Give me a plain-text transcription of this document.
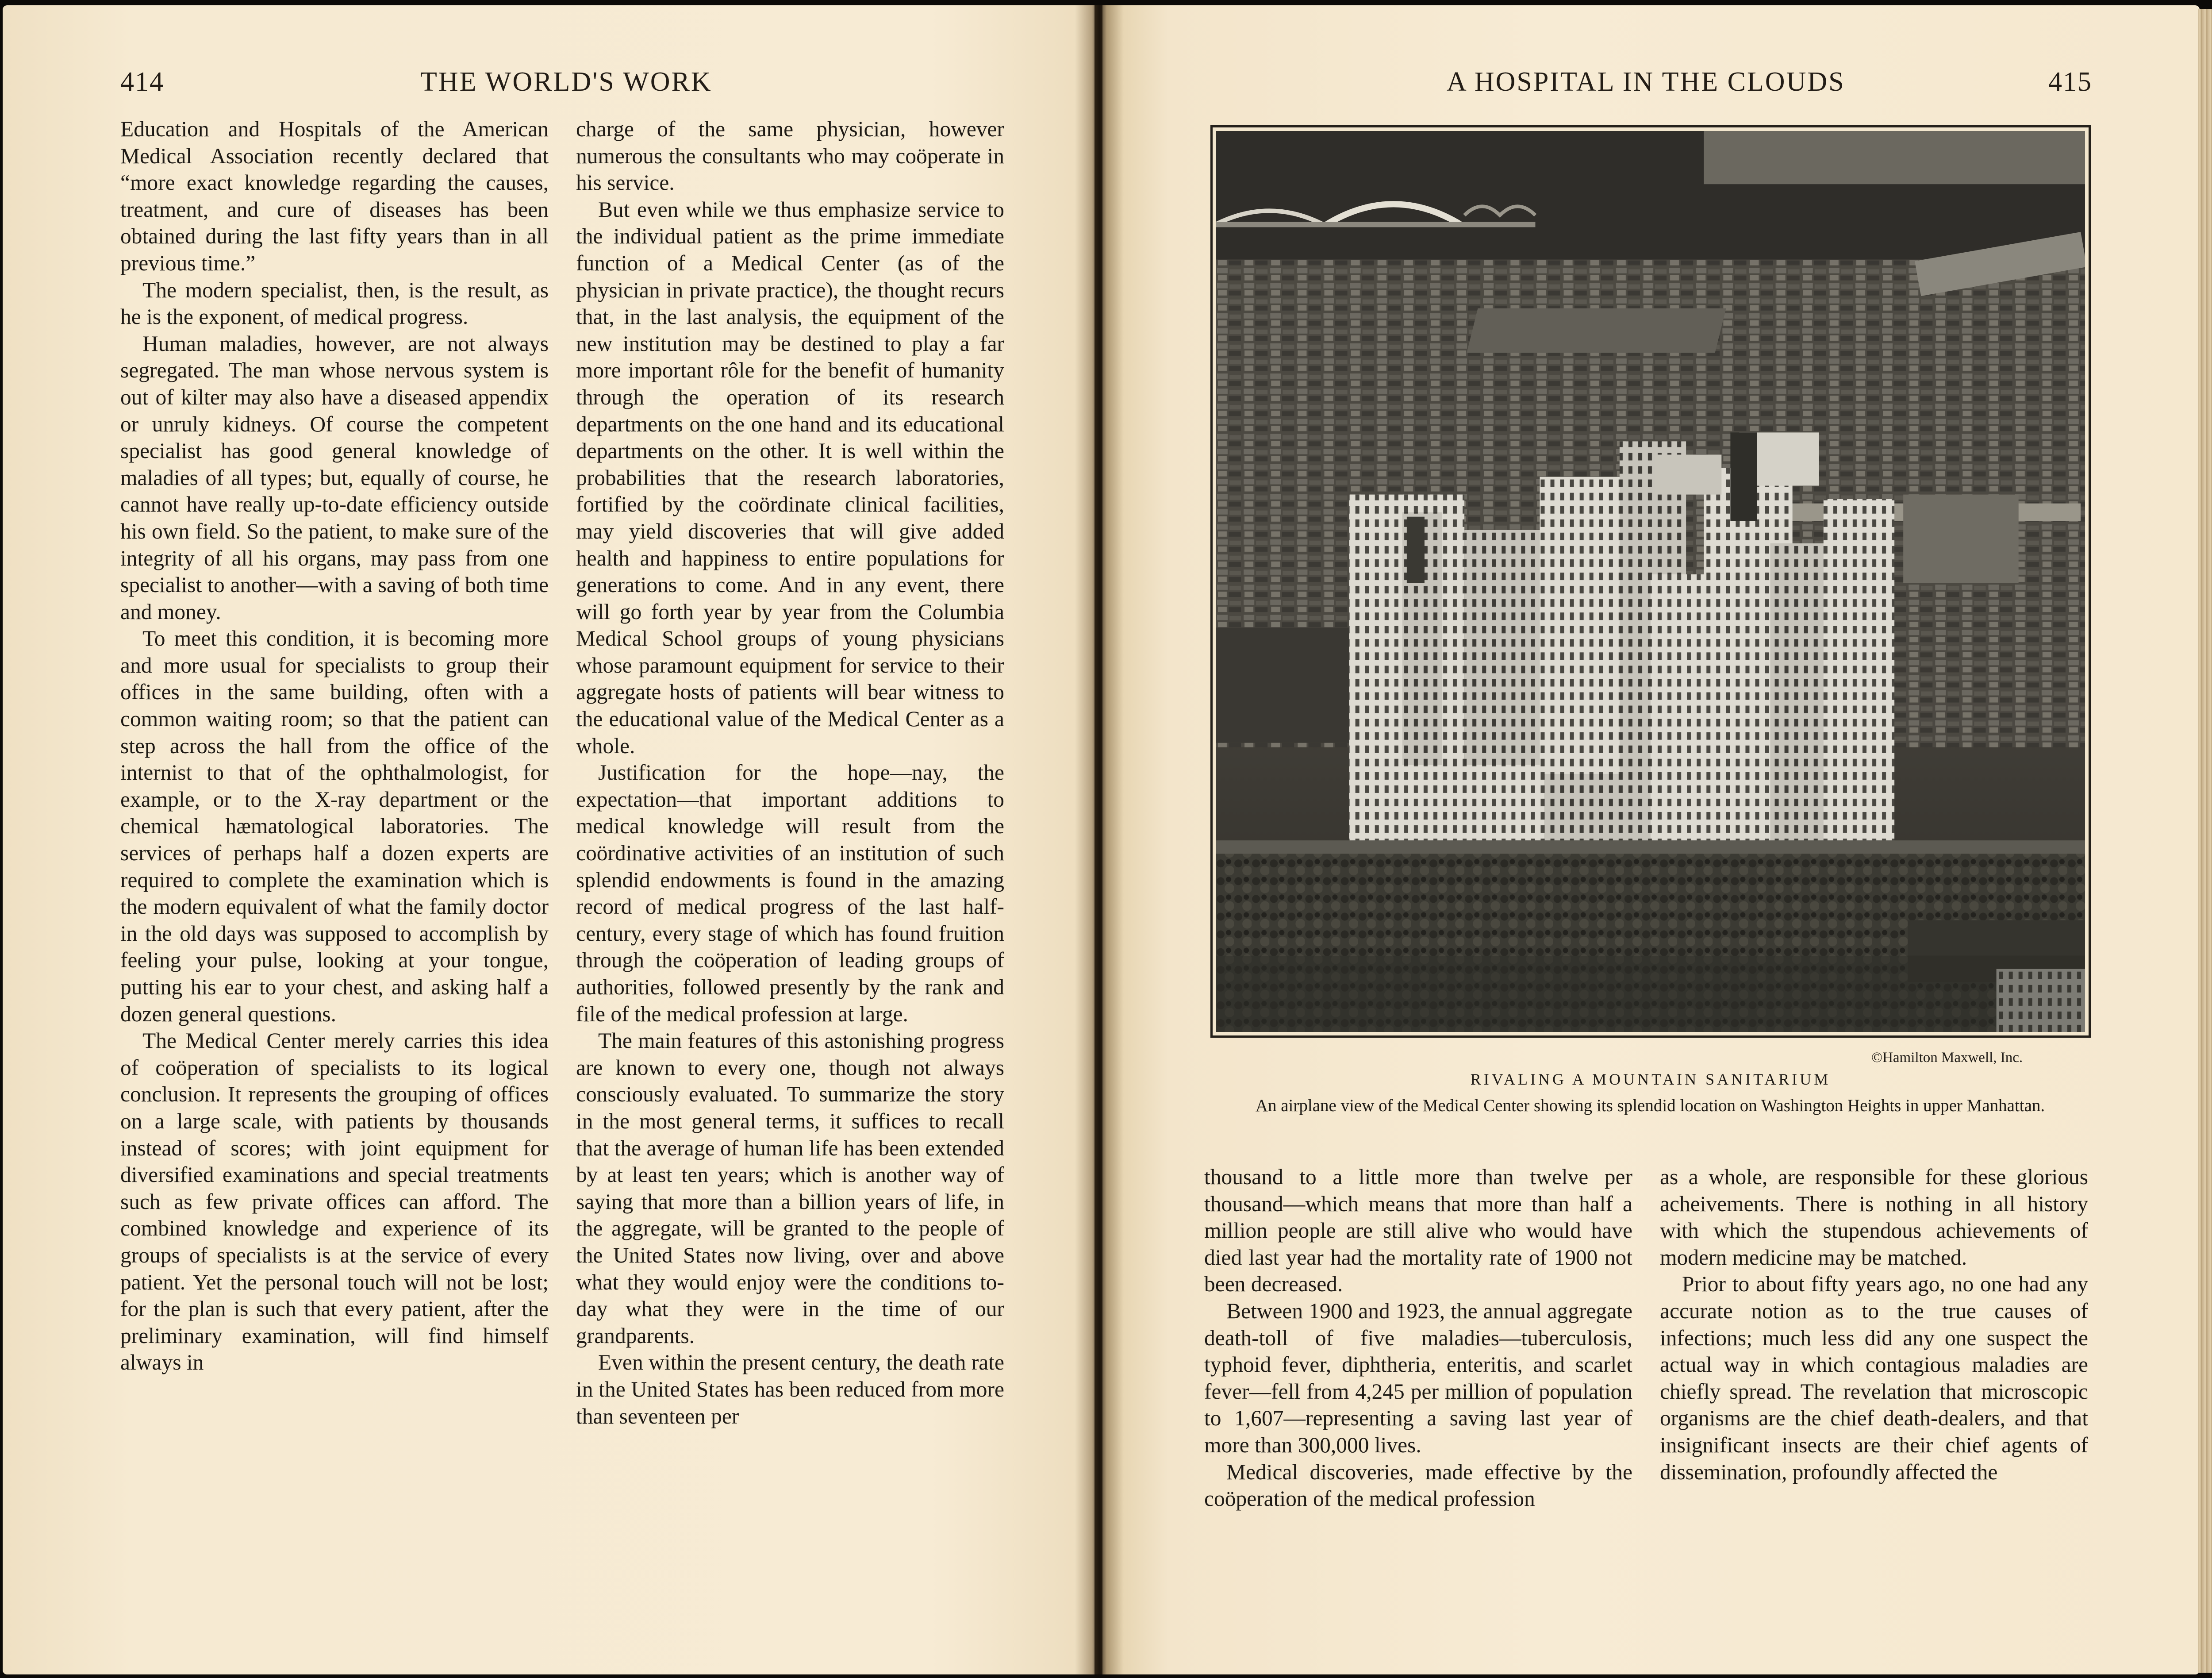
414	THE WORLD'S WORK

Education and Hospitals of the American Medical Association recently declared that “more exact knowledge regarding the causes, treatment, and cure of diseases has been obtained during the last fifty years than in all previous time.”

The modern specialist, then, is the result, as he is the exponent, of medical progress.

Human maladies, however, are not always segregated. The man whose nervous system is out of kilter may also have a diseased appendix or unruly kidneys. Of course the competent specialist has good general knowledge of maladies of all types; but, equally of course, he cannot have really up-to-date efficiency outside his own field. So the patient, to make sure of the integrity of all his organs, may pass from one specialist to another—with a saving of both time and money.

To meet this condition, it is becoming more and more usual for specialists to group their offices in the same building, often with a common waiting room; so that the patient can step across the hall from the office of the internist to that of the ophthalmologist, for example, or to the X-ray department or the chemical hæmatological laboratories. The services of perhaps half a dozen experts are required to complete the examination which is the modern equivalent of what the family doctor in the old days was supposed to accomplish by feeling your pulse, looking at your tongue, putting his ear to your chest, and asking half a dozen general questions.

The Medical Center merely carries this idea of coöperation of specialists to its logical conclusion. It represents the grouping of offices on a large scale, with patients by thousands instead of scores; with joint equipment for diversified examinations and special treatments such as few private offices can afford. The combined knowledge and experience of its groups of specialists is at the service of every patient. Yet the personal touch will not be lost; for the plan is such that every patient, after the preliminary examination, will find himself always in

charge of the same physician, however numerous the consultants who may coöperate in his service.

But even while we thus emphasize service to the individual patient as the prime immediate function of a Medical Center (as of the physician in private practice), the thought recurs that, in the last analysis, the equipment of the new institution may be destined to play a far more important rôle for the benefit of humanity through the operation of its research departments on the one hand and its educational departments on the other. It is well within the probabilities that the research laboratories, fortified by the coördinate clinical facilities, may yield discoveries that will give added health and happiness to entire populations for generations to come. And in any event, there will go forth year by year from the Columbia Medical School groups of young physicians whose paramount equipment for service to their aggregate hosts of patients will bear witness to the educational value of the Medical Center as a whole.

Justification for the hope—nay, the expectation—that important additions to medical knowledge will result from the coördinative activities of an institution of such splendid endowments is found in the amazing record of medical progress of the last half-century, every stage of which has found fruition through the coöperation of leading groups of authorities, followed presently by the rank and file of the medical profession at large.

The main features of this astonishing progress are known to every one, though not always consciously evaluated. To summarize the story in the most general terms, it suffices to recall that the average of human life has been extended by at least ten years; which is another way of saying that more than a billion years of life, in the aggregate, will be granted to the people of the United States now living, over and above what they would enjoy were the conditions to-day what they were in the time of our grandparents.

Even within the present century, the death rate in the United States has been reduced from more than seventeen per

A HOSPITAL IN THE CLOUDS	415
©Hamilton Maxwell, Inc.
RIVALING A MOUNTAIN SANITARIUM
An airplane view of the Medical Center showing its splendid location on Washington Heights in upper Manhattan.

thousand to a little more than twelve per thousand—which means that more than half a million people are still alive who would have died last year had the mortality rate of 1900 not been decreased.

Between 1900 and 1923, the annual aggregate death-toll of five maladies—tuberculosis, typhoid fever, diphtheria, enteritis, and scarlet fever—fell from 4,245 per million of population to 1,607—representing a saving last year of more than 300,000 lives.

Medical discoveries, made effective by the coöperation of the medical profession

as a whole, are responsible for these glorious acheivements. There is nothing in all history with which the stupendous achievements of modern medicine may be matched.

Prior to about fifty years ago, no one had any accurate notion as to the true causes of infections; much less did any one suspect the actual way in which contagious maladies are chiefly spread. The revelation that microscopic organisms are the chief death-dealers, and that insignificant insects are their chief agents of dissemination, profoundly affected the
